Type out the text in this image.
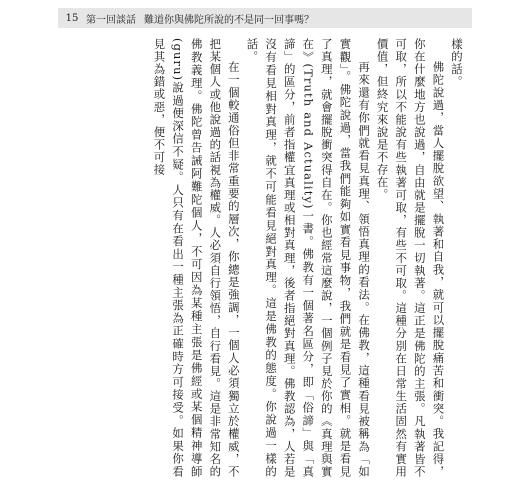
15 第一回談話 難道你與佛陀所說的不是同一回事嗎？

樣的話。

佛陀說過，當人擺脫欲望、執著和自我，就可以擺脫痛苦和衝突。我記得，你在什麼地方也說過，自由就是擺脫一切執著。這正是佛陀的主張。凡執著皆不可取，所以不能說有些執著可取，有些不可取。這種分別在日常生活固然有實用價值，但終究來說是不存在。

再來還有你們就看見真理、領悟真理的看法。在佛教，這種看見被稱為「如實觀」。佛陀說過，當我們能夠如實看見事物，我們就是看見了實相。就是看見了真理，就會擺脫衝突得自在。你也經常這麼說，一個例子見於你的《真理與實在》(Truth and Actuality)一書。佛教有一個著名區分，即「俗諦」與「真諦」的區分，前者指權宜真理或相對真理，後者指絕對真理。佛教認為，人若是沒有看見相對真理，就不可能看見絕對真理。這是佛教的態度。你說過一樣的話。

在一個較通俗但非常重要的層次，你總是強調，一個人必須獨立於權威，不把某個人或他說過的話視為權威。人必須自行領悟，自行看見。這是非常知名的佛教義理。佛陀曾告誡阿難陀個人，不可因為某種主張是佛經或某個精神導師(guru)說過便深信不疑。人只有在看出一種主張為正確時方可接受。如果你看見其為錯或惡，便不可接
